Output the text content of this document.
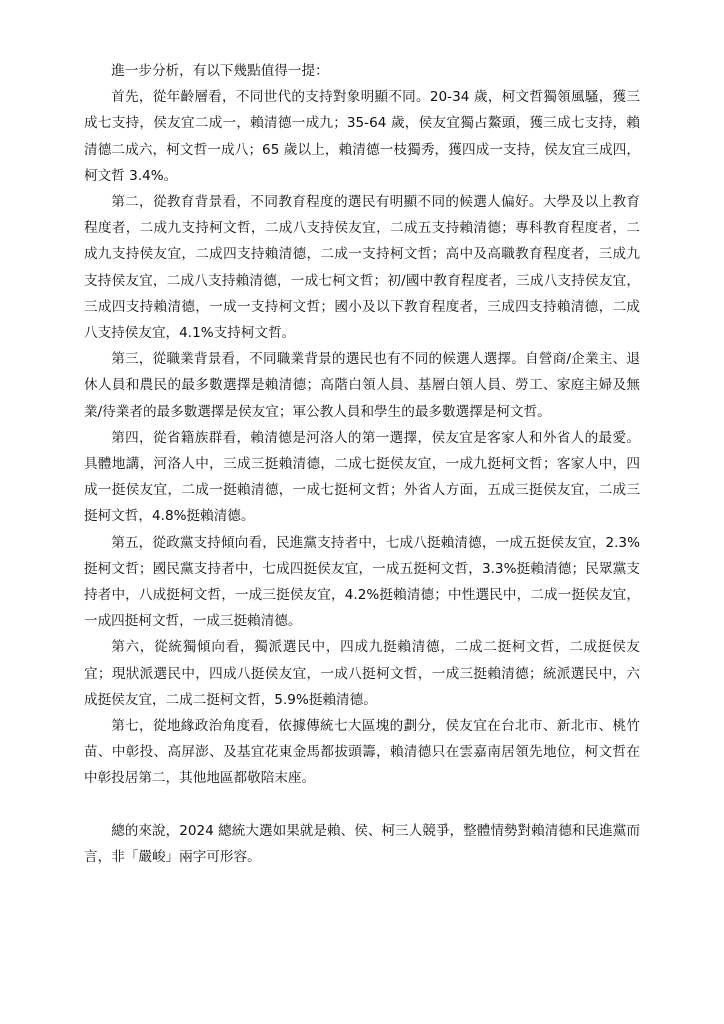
進一步分析，有以下幾點值得一提：

首先，從年齡層看，不同世代的支持對象明顯不同。20-34 歲，柯文哲獨領風騷，獲三成七支持，侯友宜二成一，賴清德一成九；35-64 歲，侯友宜獨占鰲頭，獲三成七支持，賴清德二成六，柯文哲一成八；65 歲以上，賴清德一枝獨秀，獲四成一支持，侯友宜三成四，柯文哲 3.4%。

第二，從教育背景看，不同教育程度的選民有明顯不同的候選人偏好。大學及以上教育程度者，二成九支持柯文哲，二成八支持侯友宜，二成五支持賴清德；專科教育程度者，二成九支持侯友宜，二成四支持賴清德，二成一支持柯文哲；高中及高職教育程度者，三成九支持侯友宜，二成八支持賴清德，一成七柯文哲；初/國中教育程度者，三成八支持侯友宜，三成四支持賴清德，一成一支持柯文哲；國小及以下教育程度者，三成四支持賴清德，二成八支持侯友宜，4.1%支持柯文哲。

第三，從職業背景看，不同職業背景的選民也有不同的候選人選擇。自營商/企業主、退休人員和農民的最多數選擇是賴清德；高階白領人員、基層白領人員、勞工、家庭主婦及無業/待業者的最多數選擇是侯友宜；軍公教人員和學生的最多數選擇是柯文哲。

第四，從省籍族群看，賴清德是河洛人的第一選擇，侯友宜是客家人和外省人的最愛。具體地講，河洛人中，三成三挺賴清德，二成七挺侯友宜，一成九挺柯文哲；客家人中，四成一挺侯友宜，二成一挺賴清德，一成七挺柯文哲；外省人方面，五成三挺侯友宜，二成三挺柯文哲，4.8%挺賴清德。

第五，從政黨支持傾向看，民進黨支持者中，七成八挺賴清德，一成五挺侯友宜，2.3%挺柯文哲；國民黨支持者中，七成四挺侯友宜，一成五挺柯文哲，3.3%挺賴清德；民眾黨支持者中，八成挺柯文哲，一成三挺侯友宜，4.2%挺賴清德；中性選民中，二成一挺侯友宜，一成四挺柯文哲，一成三挺賴清德。

第六，從統獨傾向看，獨派選民中，四成九挺賴清德，二成二挺柯文哲，二成挺侯友宜；現狀派選民中，四成八挺侯友宜，一成八挺柯文哲，一成三挺賴清德；統派選民中，六成挺侯友宜，二成二挺柯文哲，5.9%挺賴清德。

第七，從地緣政治角度看，依據傳統七大區塊的劃分，侯友宜在台北市、新北市、桃竹苗、中彰投、高屏澎、及基宜花東金馬都拔頭籌，賴清德只在雲嘉南居領先地位，柯文哲在中彰投居第二，其他地區都敬陪末座。

總的來說，2024 總統大選如果就是賴、侯、柯三人競爭，整體情勢對賴清德和民進黨而言，非「嚴峻」兩字可形容。
